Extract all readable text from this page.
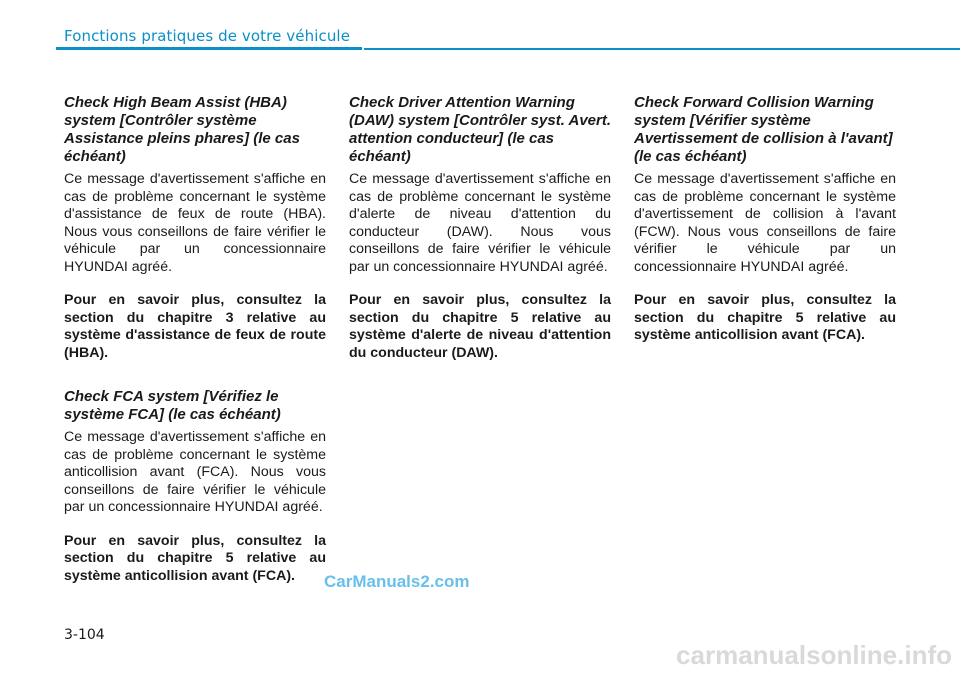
Fonctions pratiques de votre véhicule
Check High Beam Assist (HBA) system [Contrôler système Assistance pleins phares] (le cas échéant)
Ce message d'avertissement s'affiche en cas de problème concernant le système d'assistance de feux de route (HBA). Nous vous conseillons de faire vérifier le véhicule par un concessionnaire HYUNDAI agréé.
Pour en savoir plus, consultez la section du chapitre 3 relative au système d'assistance de feux de route (HBA).
Check FCA system [Vérifiez le système FCA] (le cas échéant)
Ce message d'avertissement s'affiche en cas de problème concernant le système anticollision avant (FCA). Nous vous conseillons de faire vérifier le véhicule par un concessionnaire HYUNDAI agréé.
Pour en savoir plus, consultez la section du chapitre 5 relative au système anticollision avant (FCA).
Check Driver Attention Warning (DAW) system [Contrôler syst. Avert. attention conducteur] (le cas échéant)
Ce message d'avertissement s'affiche en cas de problème concernant le système d'alerte de niveau d'attention du conducteur (DAW). Nous vous conseillons de faire vérifier le véhicule par un concessionnaire HYUNDAI agréé.
Pour en savoir plus, consultez la section du chapitre 5 relative au système d'alerte de niveau d'attention du conducteur (DAW).
Check Forward Collision Warning system [Vérifier système Avertissement de collision à l'avant] (le cas échéant)
Ce message d'avertissement s'affiche en cas de problème concernant le système d'avertissement de collision à l'avant (FCW). Nous vous conseillons de faire vérifier le véhicule par un concessionnaire HYUNDAI agréé.
Pour en savoir plus, consultez la section du chapitre 5 relative au système anticollision avant (FCA).
3-104
CarManuals2.com
carmanualsonline.info
